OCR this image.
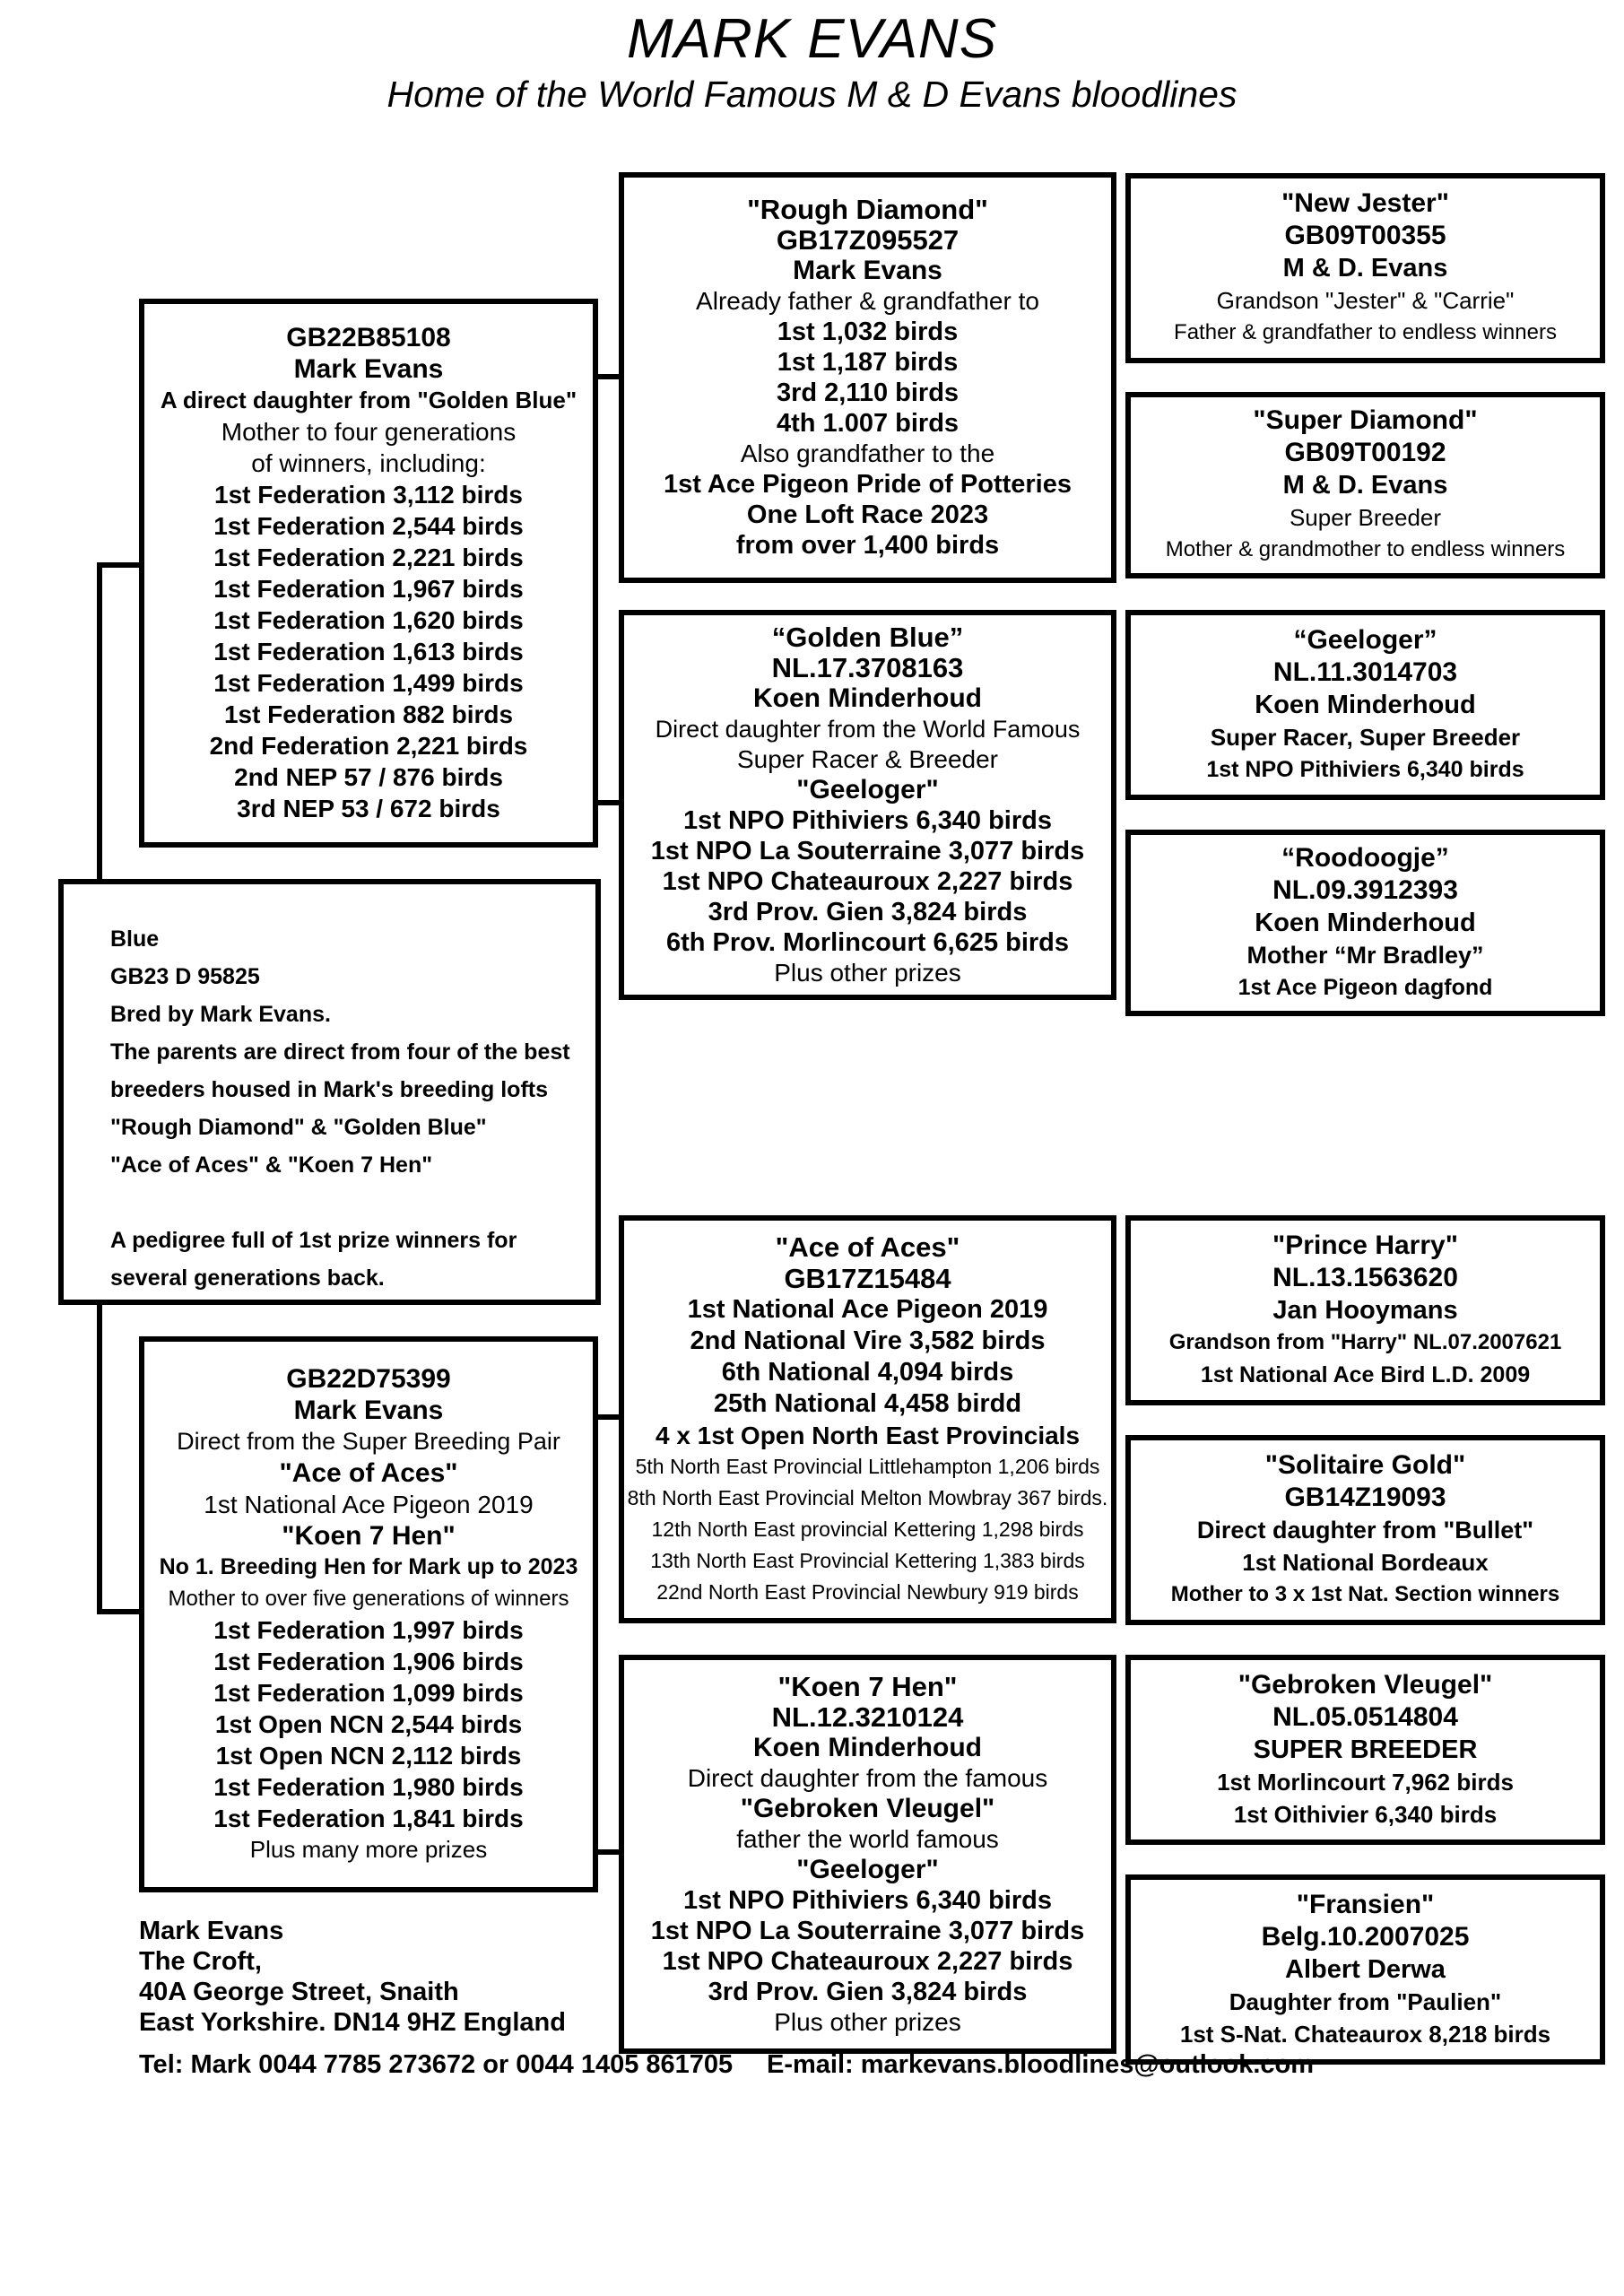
MARK EVANS
Home of the World Famous M & D Evans bloodlines

GB22B85108

Mark Evans

A direct daughter from "Golden Blue"

Mother to four generations

of winners, including:

1st Federation 3,112 birds

1st Federation 2,544 birds

1st Federation 2,221 birds

1st Federation 1,967 birds

1st Federation 1,620 birds

1st Federation 1,613 birds

1st Federation 1,499 birds

1st Federation 882 birds

2nd Federation 2,221 birds

2nd NEP 57 / 876 birds

3rd NEP 53 / 672 birds

Blue

GB23 D 95825

Bred by Mark Evans.

The parents are direct from four of the best

breeders housed in Mark's breeding lofts

"Rough Diamond" & "Golden Blue"

"Ace of Aces" & "Koen 7 Hen"

A pedigree full of 1st prize winners for

several generations back.

GB22D75399

Mark Evans

Direct from the Super Breeding Pair

"Ace of Aces"

1st National Ace Pigeon 2019

"Koen 7 Hen"

No 1. Breeding Hen for Mark up to 2023

Mother to over five generations of winners

1st Federation 1,997 birds

1st Federation 1,906 birds

1st Federation 1,099 birds

1st Open NCN 2,544 birds

1st Open NCN 2,112 birds

1st Federation 1,980 birds

1st Federation 1,841 birds

Plus many more prizes

"Rough Diamond"

GB17Z095527

Mark Evans

Already father & grandfather to

1st 1,032 birds

1st 1,187 birds

3rd 2,110 birds

4th 1.007 birds

Also grandfather to the

1st Ace Pigeon Pride of Potteries

One Loft Race 2023

from over 1,400 birds

“Golden Blue”

NL.17.3708163

Koen Minderhoud

Direct daughter from the World Famous

Super Racer & Breeder

"Geeloger"

1st NPO Pithiviers 6,340 birds

1st NPO La Souterraine 3,077 birds

1st NPO Chateauroux 2,227 birds

3rd Prov. Gien 3,824 birds

6th Prov. Morlincourt 6,625 birds

Plus other prizes

"Ace of Aces"

GB17Z15484

1st National Ace Pigeon 2019

2nd National Vire 3,582 birds

6th National 4,094 birds

25th National 4,458 birdd

4 x 1st Open North East Provincials

5th North East Provincial Littlehampton 1,206 birds

8th North East Provincial Melton Mowbray 367 birds.

12th North East provincial Kettering 1,298 birds

13th North East Provincial Kettering 1,383 birds

22nd North East Provincial Newbury 919 birds

"Koen 7 Hen"

NL.12.3210124

Koen Minderhoud

Direct daughter from the famous

"Gebroken Vleugel"

father the world famous

"Geeloger"

1st NPO Pithiviers 6,340 birds

1st NPO La Souterraine 3,077 birds

1st NPO Chateauroux 2,227 birds

3rd Prov. Gien 3,824 birds

Plus other prizes

"New Jester"

GB09T00355

M & D. Evans

Grandson "Jester" & "Carrie"

Father & grandfather to endless winners

"Super Diamond"

GB09T00192

M & D. Evans

Super Breeder

Mother & grandmother to endless winners

“Geeloger”

NL.11.3014703

Koen Minderhoud

Super Racer, Super Breeder

1st NPO Pithiviers 6,340 birds

“Roodoogje”

NL.09.3912393

Koen Minderhoud

Mother “Mr Bradley”

1st Ace Pigeon dagfond

"Prince Harry"

NL.13.1563620

Jan Hooymans

Grandson from "Harry" NL.07.2007621

1st National Ace Bird L.D. 2009

"Solitaire Gold"

GB14Z19093

Direct daughter from "Bullet"

1st National Bordeaux

Mother to 3 x 1st Nat. Section winners

"Gebroken Vleugel"

NL.05.0514804

SUPER BREEDER

1st Morlincourt 7,962 birds

1st Oithivier 6,340 birds

"Fransien"

Belg.10.2007025

Albert Derwa

Daughter from "Paulien"

1st S-Nat. Chateaurox 8,218 birds

Mark Evans

The Croft,

40A George Street, Snaith

East Yorkshire. DN14 9HZ England

Tel: Mark 0044 7785 273672 or 0044 1405 861705 E-mail: markevans.bloodlines@outlook.com
